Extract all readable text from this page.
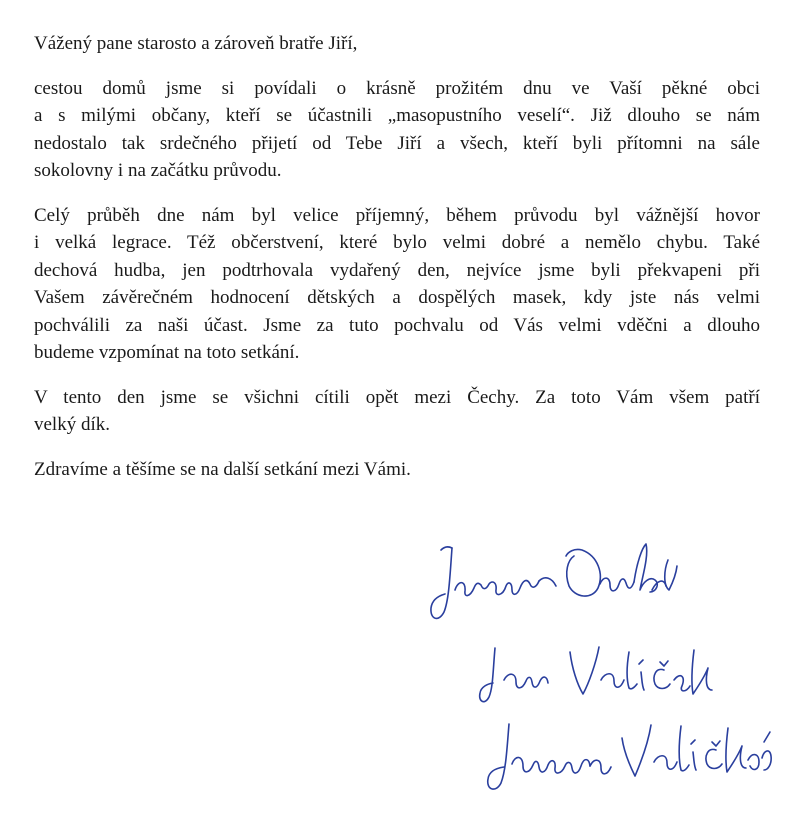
Vážený pane starosto a zároveň bratře Jiří,

cestou domů jsme si povídali o krásně prožitém dnu ve Vaší pěkné obci
a s milými občany, kteří se účastnili „masopustního veselí“. Již dlouho se nám
nedostalo tak srdečného přijetí od Tebe Jiří a všech, kteří byli přítomni na sále
sokolovny i na začátku průvodu.
Celý průběh dne nám byl velice příjemný, během průvodu byl vážnější hovor
i velká legrace. Též občerstvení, které bylo velmi dobré a nemělo chybu. Také
dechová hudba, jen podtrhovala vydařený den, nejvíce jsme byli překvapeni při
Vašem závěrečném hodnocení dětských a dospělých masek, kdy jste nás velmi
pochválili za naši účast. Jsme za tuto pochvalu od Vás velmi vděčni a dlouho
budeme vzpomínat na toto setkání.
V tento den jsme se všichni cítili opět mezi Čechy. Za toto Vám všem patří
velký dík.

Zdravíme a těšíme se na další setkání mezi Vámi.
